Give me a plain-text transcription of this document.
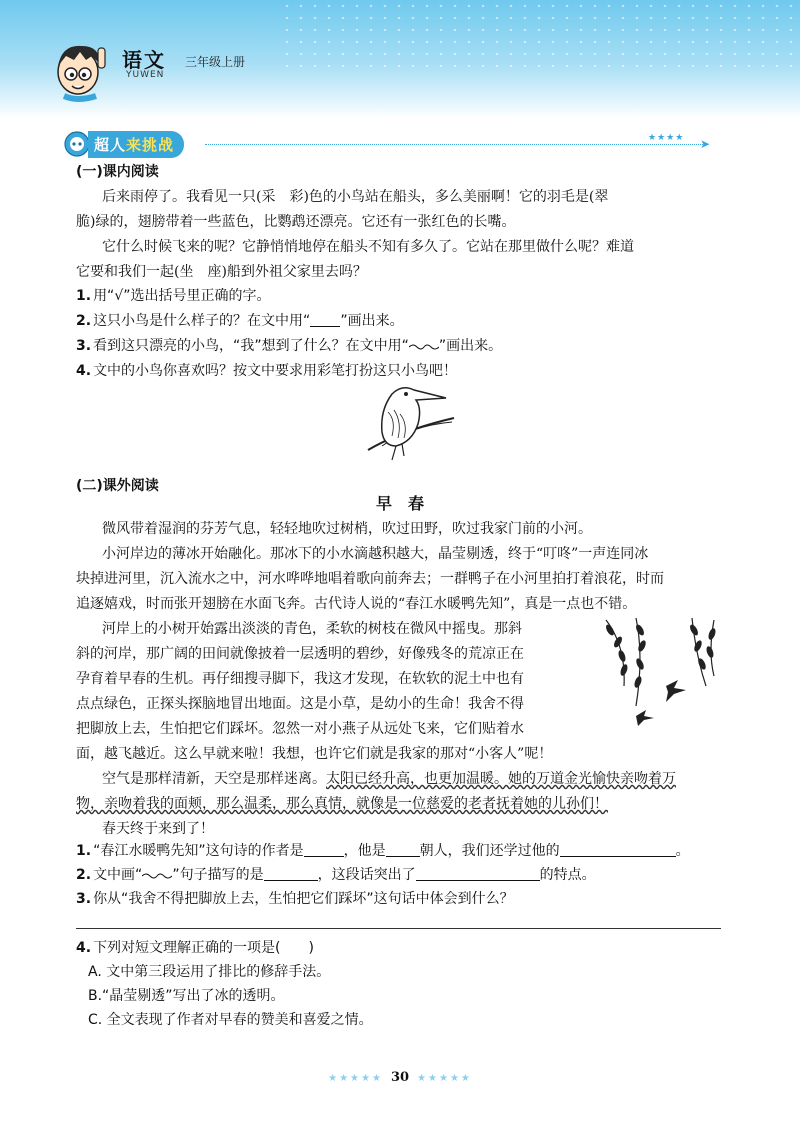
语文
YUWEN
三年级上册
超人来挑战	★★★★ ➤
(一)课内阅读
后来雨停了。我看见一只(采　彩)色的小鸟站在船头，多么美丽啊！它的羽毛是(翠
脆)绿的，翅膀带着一些蓝色，比鹦鹉还漂亮。它还有一张红色的长嘴。
它什么时候飞来的呢？它静悄悄地停在船头不知有多久了。它站在那里做什么呢？难道
它要和我们一起(坐　座)船到外祖父家里去吗？
1. 用“√”选出括号里正确的字。
2. 这只小鸟是什么样子的？在文中用“ ”画出来。
3. 看到这只漂亮的小鸟，“我”想到了什么？在文中用“ ”画出来。
4. 文中的小鸟你喜欢吗？按文中要求用彩笔打扮这只小鸟吧！
(二)课外阅读
早　春
微风带着湿润的芬芳气息，轻轻地吹过树梢，吹过田野，吹过我家门前的小河。
小河岸边的薄冰开始融化。那冰下的小水滴越积越大，晶莹剔透，终于“叮咚”一声连同冰
块掉进河里，沉入流水之中，河水哗哗地唱着歌向前奔去；一群鸭子在小河里拍打着浪花，时而
追逐嬉戏，时而张开翅膀在水面飞奔。古代诗人说的“春江水暖鸭先知”，真是一点也不错。
河岸上的小树开始露出淡淡的青色，柔软的树枝在微风中摇曳。那斜
斜的河岸，那广阔的田间就像披着一层透明的碧纱，好像残冬的荒凉正在
孕育着早春的生机。再仔细搜寻脚下，我这才发现，在软软的泥土中也有
点点绿色，正探头探脑地冒出地面。这是小草，是幼小的生命！我舍不得
把脚放上去，生怕把它们踩坏。忽然一对小燕子从远处飞来，它们贴着水
面，越飞越近。这么早就来啦！我想，也许它们就是我家的那对“小客人”呢！
空气是那样清新，天空是那样迷离。太阳已经升高，也更加温暖。她的万道金光愉快亲吻着万
物，亲吻着我的面颊，那么温柔，那么真情，就像是一位慈爱的老者抚着她的儿孙们！
春天终于来到了！
1. “春江水暖鸭先知”这句诗的作者是	，他是 朝人，我们还学过他的	。
2. 文中画“ ”句子描写的是	，这段话突出了	的特点。
3. 你从“我舍不得把脚放上去，生怕把它们踩坏”这句话中体会到什么？
4. 下列对短文理解正确的一项是(　　)
A. 文中第三段运用了排比的修辞手法。
B.“晶莹剔透”写出了冰的透明。
C. 全文表现了作者对早春的赞美和喜爱之情。
★★★★★ 30 ★★★★★
